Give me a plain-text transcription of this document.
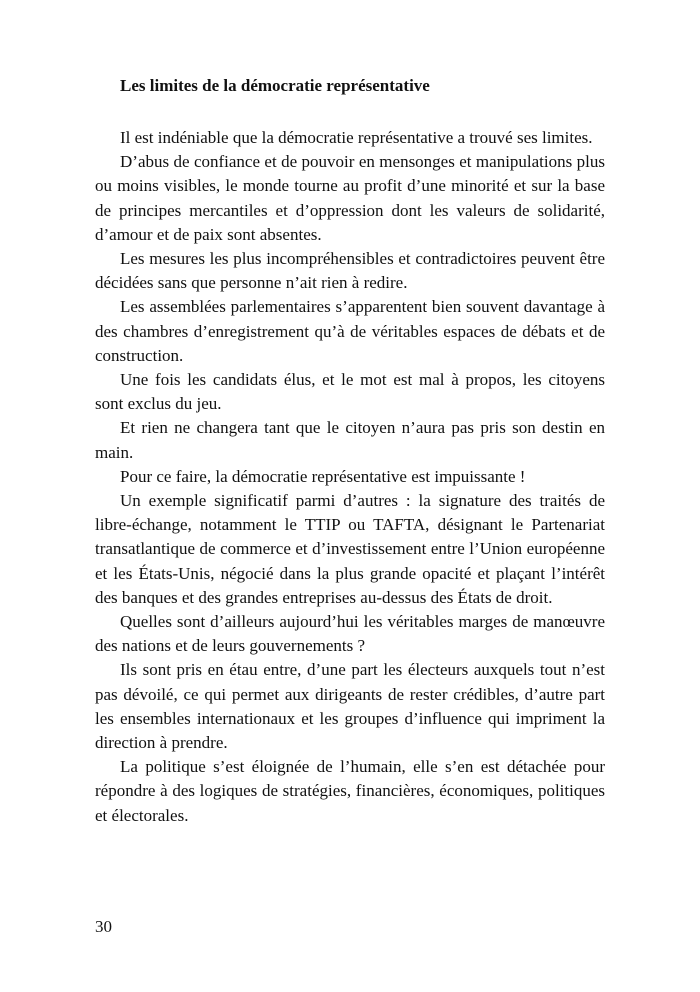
Les limites de la démocratie représentative

Il est indéniable que la démocratie représentative a trouvé ses limites.

D’abus de confiance et de pouvoir en mensonges et manipulations plus ou moins visibles, le monde tourne au profit d’une minorité et sur la base de principes mercantiles et d’oppression dont les valeurs de solidarité, d’amour et de paix sont absentes.

Les mesures les plus incompréhensibles et contradictoires peuvent être décidées sans que personne n’ait rien à redire.

Les assemblées parlementaires s’apparentent bien souvent davantage à des chambres d’enregistrement qu’à de véritables espaces de débats et de construction.

Une fois les candidats élus, et le mot est mal à propos, les citoyens sont exclus du jeu.

Et rien ne changera tant que le citoyen n’aura pas pris son destin en main.

Pour ce faire, la démocratie représentative est impuissante !

Un exemple significatif parmi d’autres : la signature des traités de libre-échange, notamment le TTIP ou TAFTA, désignant le Partenariat transatlantique de commerce et d’investissement entre l’Union européenne et les États-Unis, négocié dans la plus grande opacité et plaçant l’intérêt des banques et des grandes entreprises au-dessus des États de droit.

Quelles sont d’ailleurs aujourd’hui les véritables marges de manœuvre des nations et de leurs gouvernements ?

Ils sont pris en étau entre, d’une part les électeurs auxquels tout n’est pas dévoilé, ce qui permet aux dirigeants de rester crédibles, d’autre part les ensembles internationaux et les groupes d’influence qui impriment la direction à prendre.

La politique s’est éloignée de l’humain, elle s’en est détachée pour répondre à des logiques de stratégies, financières, économiques, politiques et électorales.

30
